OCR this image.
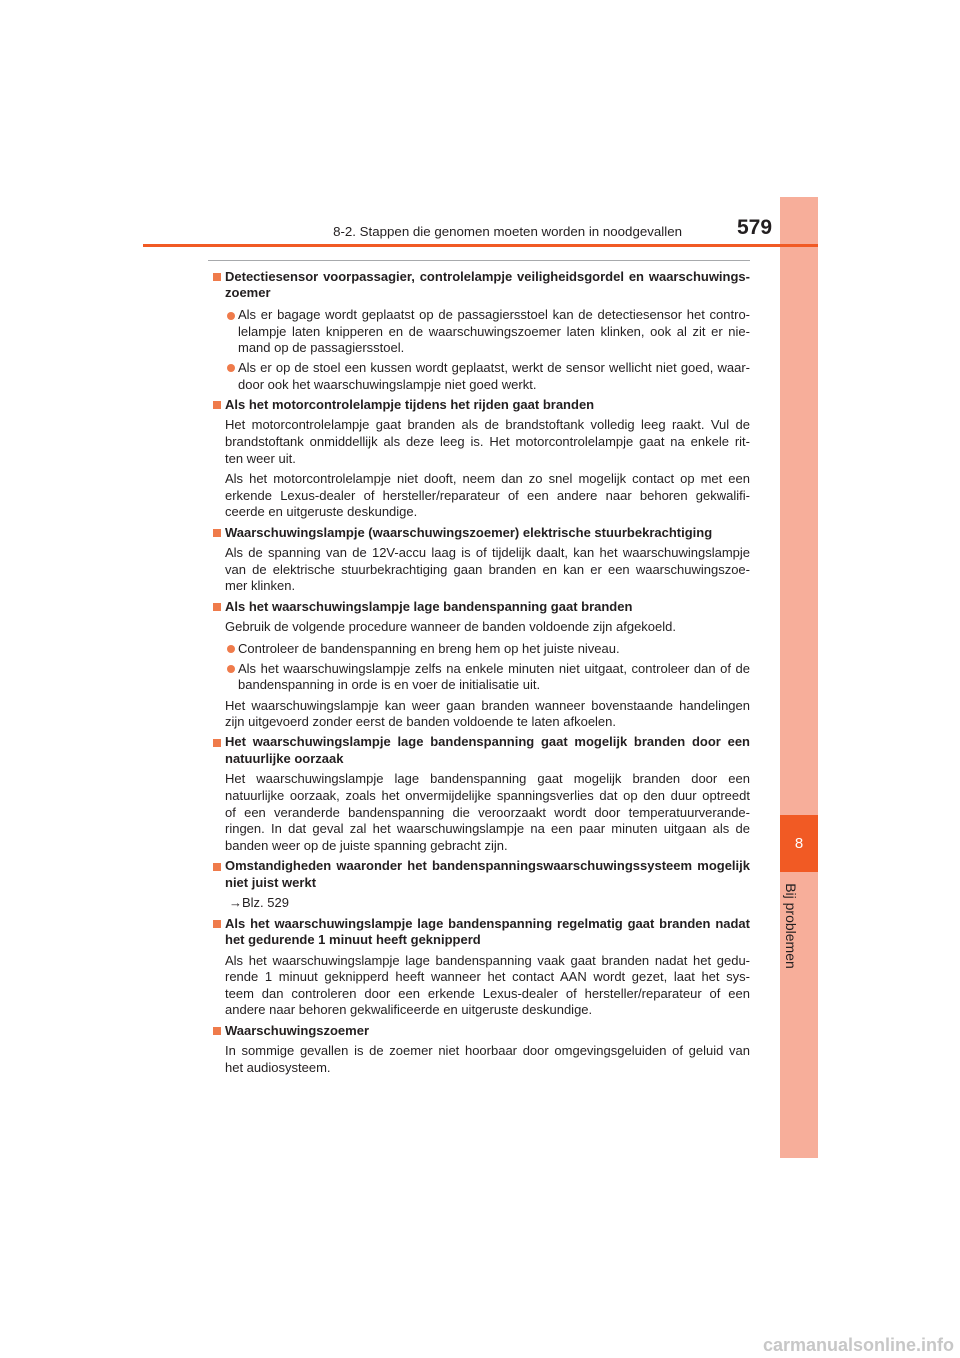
8
Bij problemen
8-2. Stappen die genomen moeten worden in noodgevallen	579
Detectiesensor voorpassagier, controlelampje veiligheidsgordel en waarschuwings-
zoemer
Als er bagage wordt geplaatst op de passagiersstoel kan de detectiesensor het contro-
lelampje laten knipperen en de waarschuwingszoemer laten klinken, ook al zit er nie-
mand op de passagiersstoel.
Als er op de stoel een kussen wordt geplaatst, werkt de sensor wellicht niet goed, waar-
door ook het waarschuwingslampje niet goed werkt.
Als het motorcontrolelampje tijdens het rijden gaat branden
Het motorcontrolelampje gaat branden als de brandstoftank volledig leeg raakt. Vul de
brandstoftank onmiddellijk als deze leeg is. Het motorcontrolelampje gaat na enkele rit-
ten weer uit.
Als het motorcontrolelampje niet dooft, neem dan zo snel mogelijk contact op met een
erkende Lexus-dealer of hersteller/reparateur of een andere naar behoren gekwalifi-
ceerde en uitgeruste deskundige.
Waarschuwingslampje (waarschuwingszoemer) elektrische stuurbekrachtiging
Als de spanning van de 12V-accu laag is of tijdelijk daalt, kan het waarschuwingslampje
van de elektrische stuurbekrachtiging gaan branden en kan er een waarschuwingszoe-
mer klinken.
Als het waarschuwingslampje lage bandenspanning gaat branden
Gebruik de volgende procedure wanneer de banden voldoende zijn afgekoeld.
Controleer de bandenspanning en breng hem op het juiste niveau.
Als het waarschuwingslampje zelfs na enkele minuten niet uitgaat, controleer dan of de
bandenspanning in orde is en voer de initialisatie uit.
Het waarschuwingslampje kan weer gaan branden wanneer bovenstaande handelingen
zijn uitgevoerd zonder eerst de banden voldoende te laten afkoelen.
Het waarschuwingslampje lage bandenspanning gaat mogelijk branden door een
natuurlijke oorzaak
Het waarschuwingslampje lage bandenspanning gaat mogelijk branden door een
natuurlijke oorzaak, zoals het onvermijdelijke spanningsverlies dat op den duur optreedt
of een veranderde bandenspanning die veroorzaakt wordt door temperatuurverande-
ringen. In dat geval zal het waarschuwingslampje na een paar minuten uitgaan als de
banden weer op de juiste spanning gebracht zijn.
Omstandigheden waaronder het bandenspanningswaarschuwingssysteem mogelijk
niet juist werkt
→Blz. 529
Als het waarschuwingslampje lage bandenspanning regelmatig gaat branden nadat
het gedurende 1 minuut heeft geknipperd
Als het waarschuwingslampje lage bandenspanning vaak gaat branden nadat het gedu-
rende 1 minuut geknipperd heeft wanneer het contact AAN wordt gezet, laat het sys-
teem dan controleren door een erkende Lexus-dealer of hersteller/reparateur of een
andere naar behoren gekwalificeerde en uitgeruste deskundige.
Waarschuwingszoemer
In sommige gevallen is de zoemer niet hoorbaar door omgevingsgeluiden of geluid van
het audiosysteem.
carmanualsonline.info
